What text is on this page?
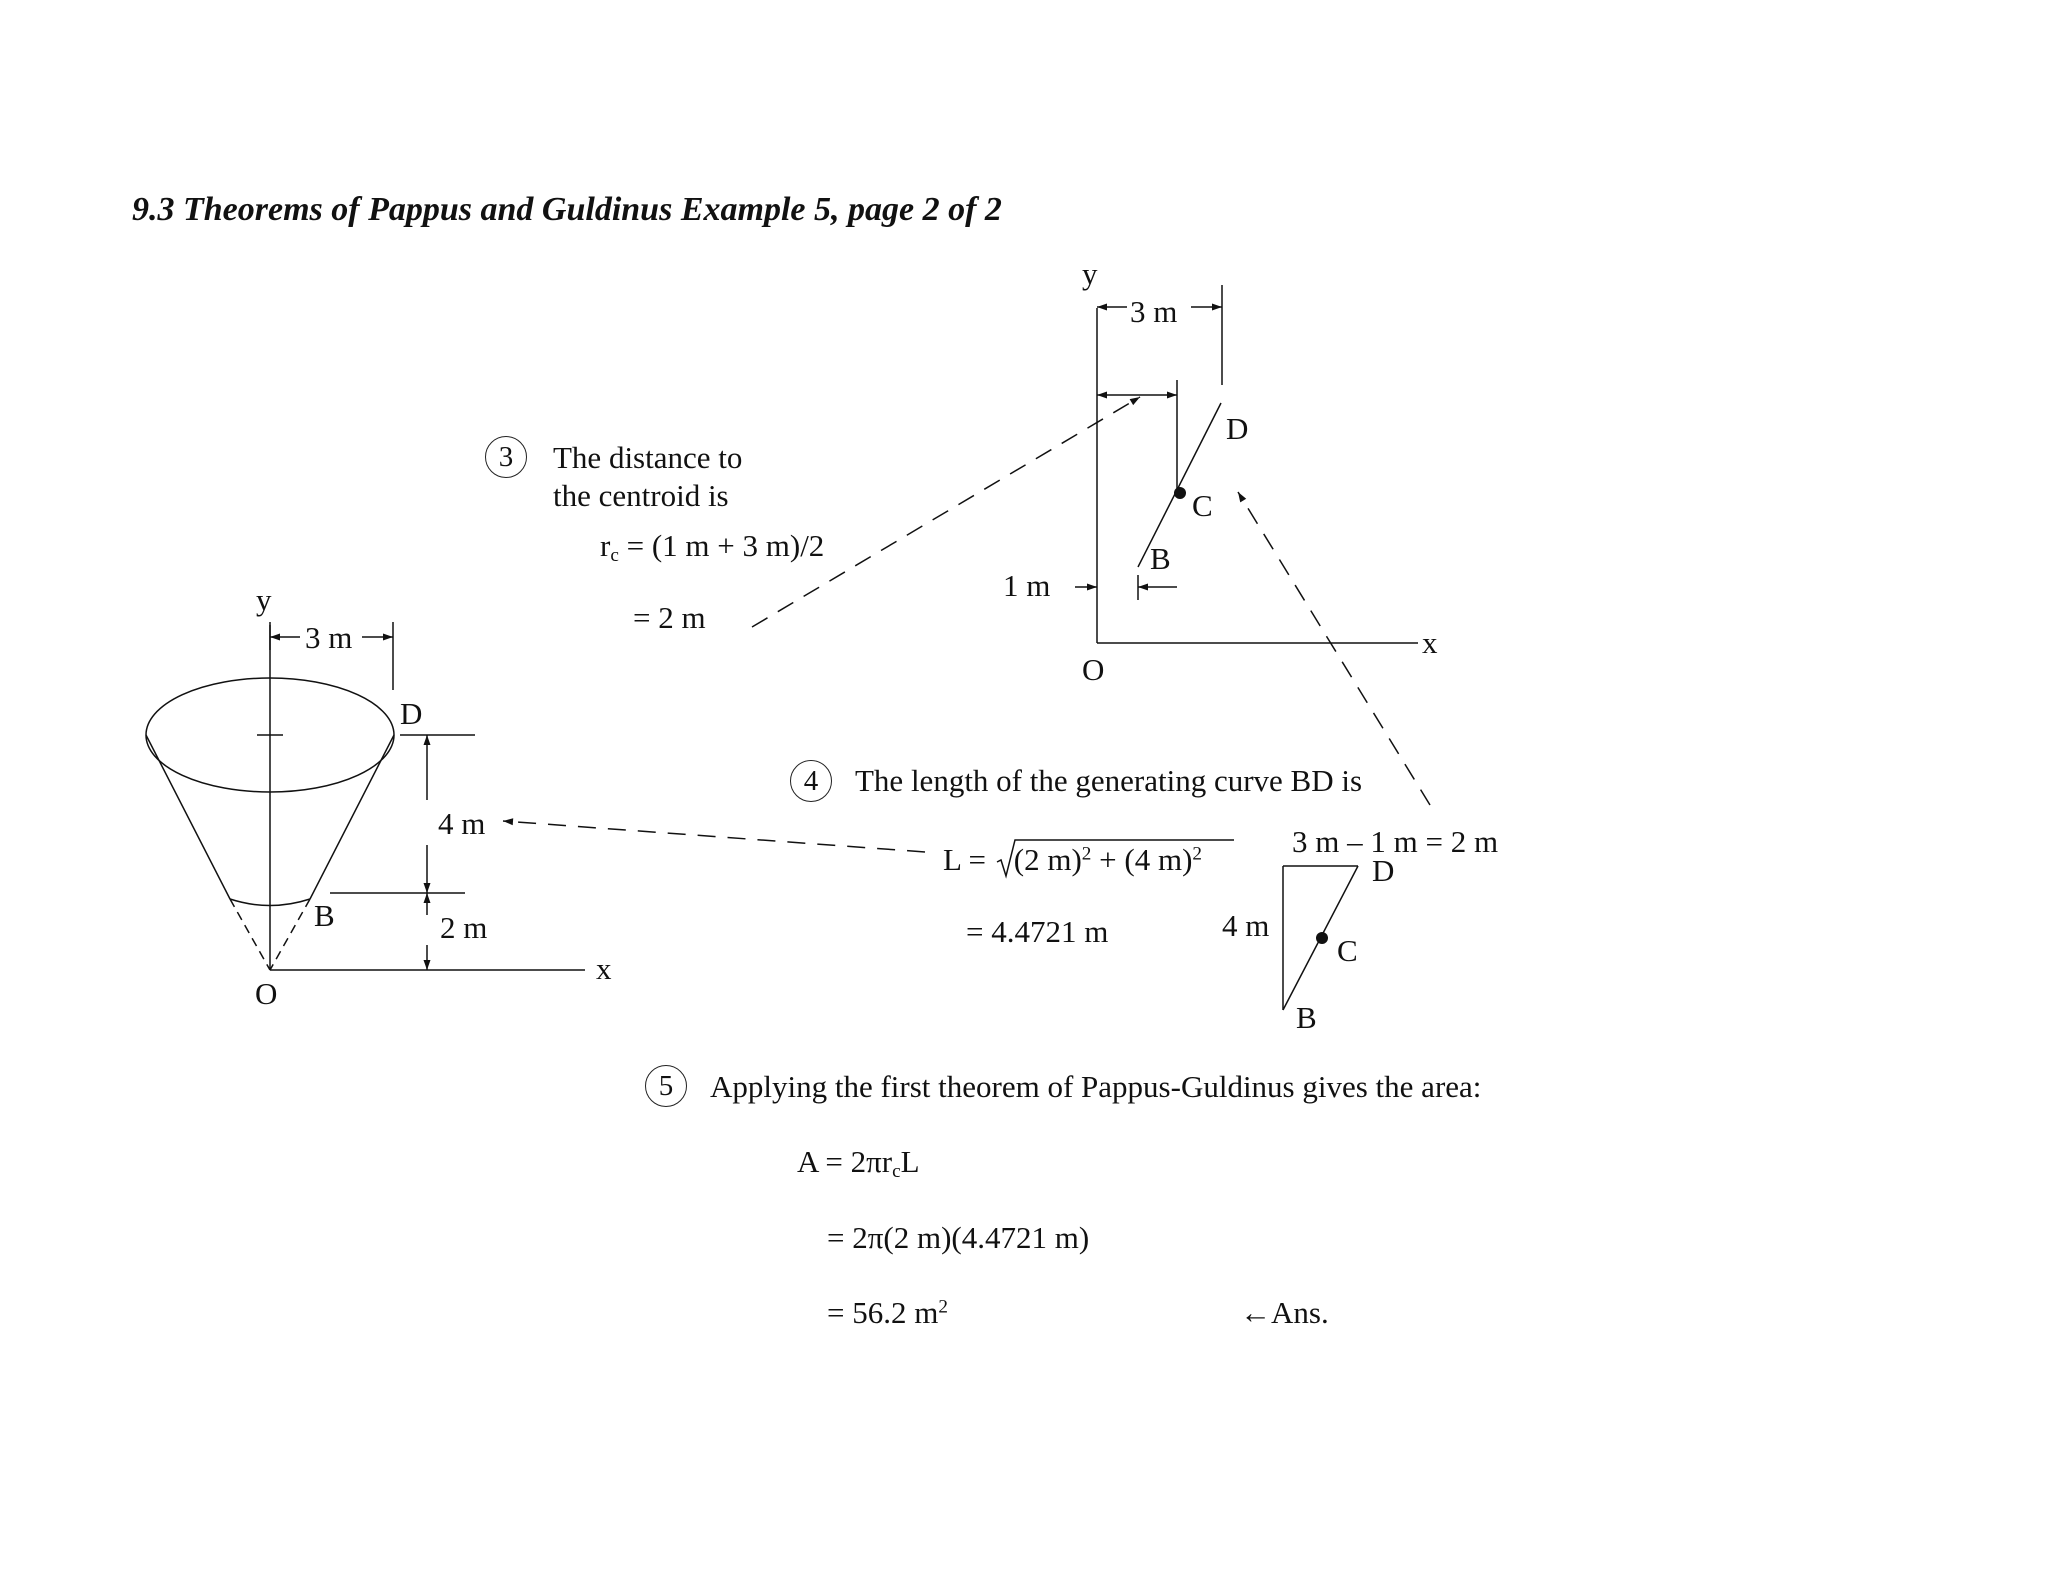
9.3 Theorems of Pappus and Guldinus Example 5, page 2 of 2
y
3 m
D
4 m
B	2 m
x
O
y
3 m
D
C
B
1 m
x
O
3 m – 1 m = 2 m
D
4 m
C
B
3	The distance to
the centroid is
$r_c = (1$ m + 3 m)/2
= 2 m
4	The length of the generating curve BD is
L = (2 m)$^2$ + (4 m)$^2$
= 4.4721 m
5	Applying the first theorem of Pappus-Guldinus gives the area:
$A = 2\pi r_cL$
= 2π(2 m)(4.4721 m)
= 56.2 $m^2$	←Ans.
